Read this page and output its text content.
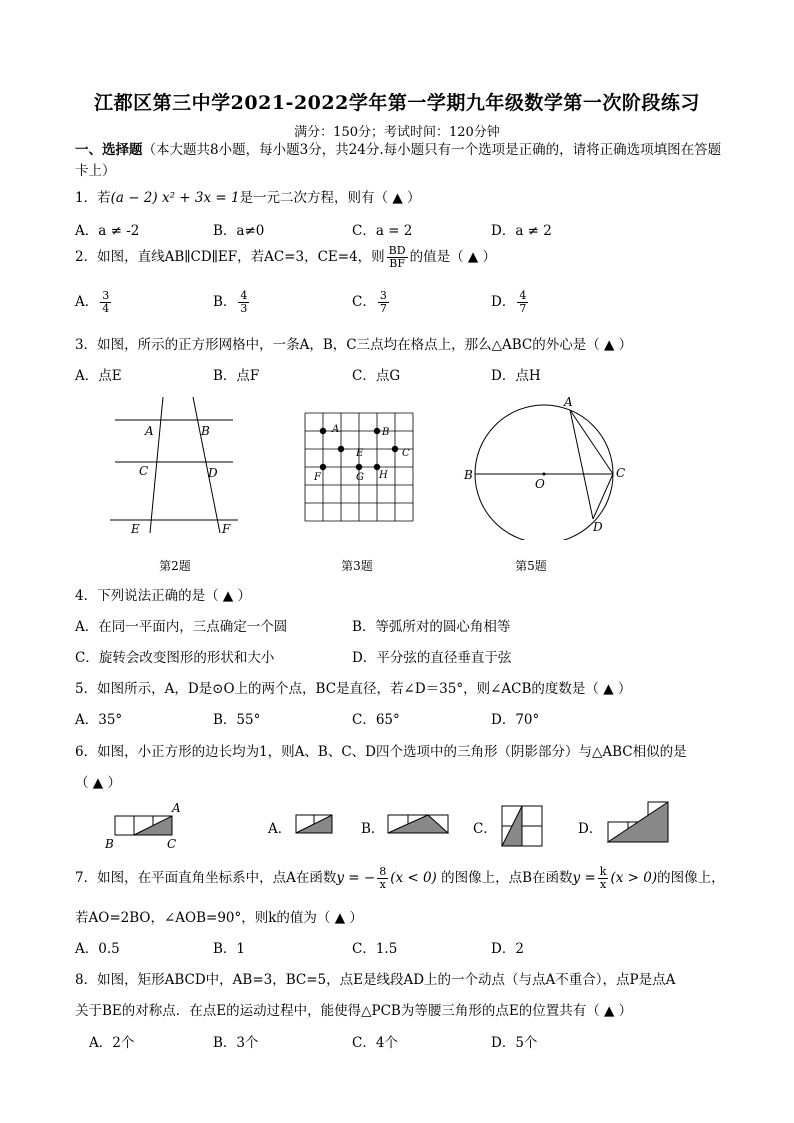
江都区第三中学2021-2022学年第一学期九年级数学第一次阶段练习
满分：150分；考试时间：120分钟
一、选择题（本大题共8小题，每小题3分，共24分.每小题只有一个选项是正确的，请将正确选项填图在答题卡上）
1．若(a − 2) x² + 3x = 1是一元二次方程，则有（ ▲ ）
A．a ≠ -2	B．a≠0	C．a = 2	D．a ≠ 2
2．如图，直线AB∥CD∥EF，若AC=3，CE=4，则 $\frac{BD}{BF}$ 的值是（ ▲ ）
A． $\frac{3}{4}$	B． $\frac{4}{3}$	C． $\frac{3}{7}$	D． $\frac{4}{7}$
3．如图，所示的正方形网格中，一条A，B，C三点均在格点上，那么△ABC的外心是（ ▲ ）
A．点E	B．点F	C．点G	D．点H
A	B
C	D
E	F
第2题
A	B
E	C
F	G H
第3题
A
B
O
C
D
第5题
4．下列说法正确的是（ ▲ ）
A．在同一平面内，三点确定一个圆	B．等弧所对的圆心角相等
C．旋转会改变图形的形状和大小	D．平分弦的直径垂直于弦
5．如图所示，A，D是⊙O上的两个点，BC是直径，若∠D＝35°，则∠ACB的度数是（ ▲ ）
A．35°	B．55°	C．65°	D．70°
6．如图，小正方形的边长均为1，则A、B、C、D四个选项中的三角形（阴影部分）与△ABC相似的是
（ ▲ ）
A
B	C
A．	B．	C．	D．
7．如图，在平面直角坐标系中，点A在函数y = − $\frac{8}{x} (x < 0)$ 的图像上，点B在函数$y = \frac{k}{x} (x > 0)$的图像上，
若AO=2BO，∠AOB=90°，则k的值为（ ▲ ）
A．0.5	B．1	C．1.5	D．2
8．如图，矩形ABCD中，AB=3，BC=5，点E是线段AD上的一个动点（与点A不重合），点P是点A
关于BE的对称点．在点E的运动过程中，能使得△PCB为等腰三角形的点E的位置共有（ ▲ ）
A．2个	B．3个	C．4个	D．5个
